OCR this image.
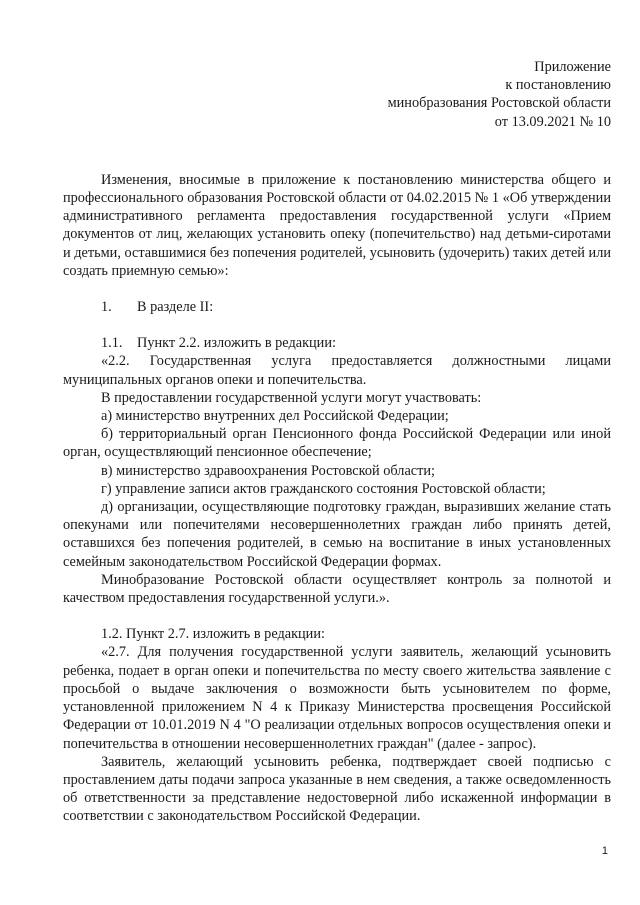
Приложение
к постановлению
минобразования Ростовской области
от 13.09.2021 № 10

Изменения, вносимые в приложение к постановлению министерства общего и профессионального образования Ростовской области от 04.02.2015 № 1 «Об утверждении административного регламента предоставления государственной услуги «Прием документов от лиц, желающих установить опеку (попечительство) над детьми-сиротами и детьми, оставшимися без попечения родителей, усыновить (удочерить) таких детей или создать приемную семью»:

1. В разделе II:

1.1. Пункт 2.2. изложить в редакции:

«2.2. Государственная услуга предоставляется должностными лицами муниципальных органов опеки и попечительства.

В предоставлении государственной услуги могут участвовать:

а) министерство внутренних дел Российской Федерации;

б) территориальный орган Пенсионного фонда Российской Федерации или иной орган, осуществляющий пенсионное обеспечение;

в) министерство здравоохранения Ростовской области;

г) управление записи актов гражданского состояния Ростовской области;

д) организации, осуществляющие подготовку граждан, выразивших желание стать опекунами или попечителями несовершеннолетних граждан либо принять детей, оставшихся без попечения родителей, в семью на воспитание в иных установленных семейным законодательством Российской Федерации формах.

Минобразование Ростовской области осуществляет контроль за полнотой и качеством предоставления государственной услуги.».

1.2. Пункт 2.7. изложить в редакции:

«2.7. Для получения государственной услуги заявитель, желающий усыновить ребенка, подает в орган опеки и попечительства по месту своего жительства заявление с просьбой о выдаче заключения о возможности быть усыновителем по форме, установленной приложением N 4 к Приказу Министерства просвещения Российской Федерации от 10.01.2019 N 4 "О реализации отдельных вопросов осуществления опеки и попечительства в отношении несовершеннолетних граждан" (далее - запрос).

Заявитель, желающий усыновить ребенка, подтверждает своей подписью с проставлением даты подачи запроса указанные в нем сведения, а также осведомленность об ответственности за представление недостоверной либо искаженной информации в соответствии с законодательством Российской Федерации.

1
